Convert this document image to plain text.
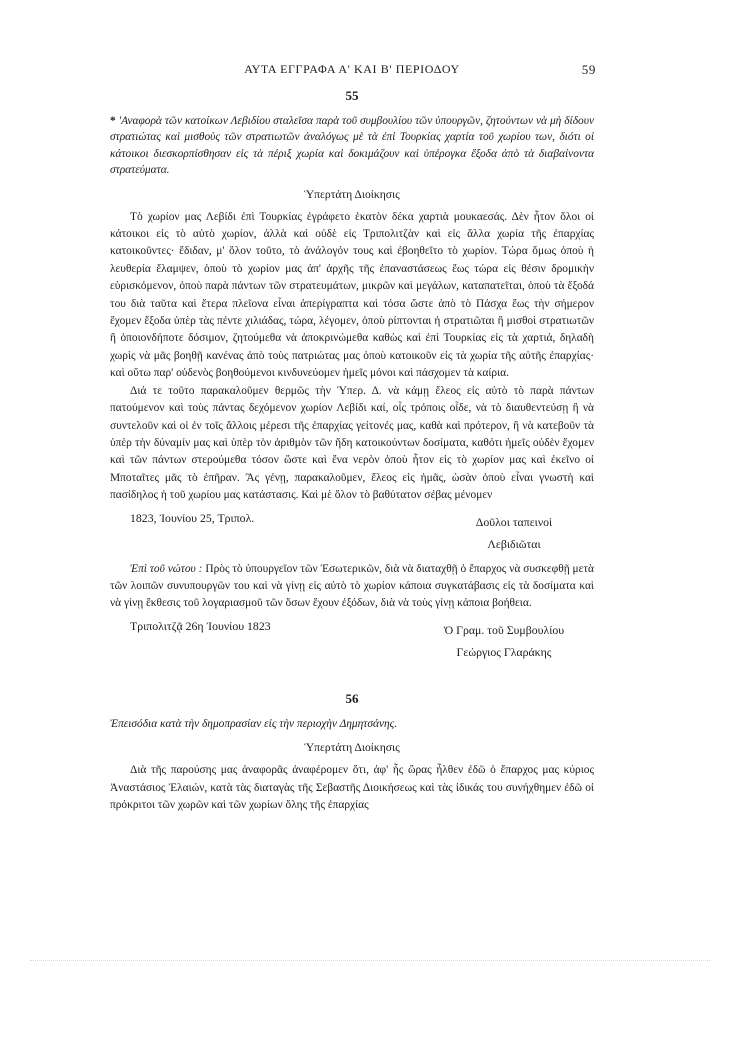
ΑΥΤΑ ΕΓΓΡΑΦΑ Α' ΚΑΙ Β' ΠΕΡΙΟΔΟΥ	59
55

* 'Αναφορὰ τῶν κατοίκων Λεβιδίου σταλεῖσα παρὰ τοῦ συμβουλίου τῶν ὑπουργῶν, ζητούντων νὰ μὴ δίδουν στρατιώτας καὶ μισθοὺς τῶν στρατιωτῶν ἀναλόγως μὲ τὰ ἐπὶ Τουρκίας χαρτία τοῦ χωρίου των, διότι οἱ κάτοικοι διεσκορπίσθησαν εἰς τὰ πέριξ χωρία καὶ δοκιμάζουν καὶ ὑπέρογκα ἔξοδα ἀπὸ τὰ διαβαίνοντα στρατεύματα.

Ὑπερτάτη Διοίκησις

Τὸ χωρίον μας Λεβίδι ἐπὶ Τουρκίας ἐγράφετο ἑκατὸν δέκα χαρτιὰ μουκαεσάς. Δὲν ἦτον ὅλοι οἱ κάτοικοι εἰς τὸ αὐτὸ χωρίον, ἀλλὰ καὶ οὐδὲ εἰς Τριπολιτζὰν καὶ εἰς ἄλλα χωρία τῆς ἐπαρχίας κατοικοῦντες· ἔδιδαν, μ' ὅλον τοῦτο, τὸ ἀνάλογόν τους καὶ ἐβοηθεῖτο τὸ χωρίον. Τώρα ὅμως ὁποὺ ἡ λευθερία ἔλαμψεν, ὁποὺ τὸ χωρίον μας ἀπ' ἀρχῆς τῆς ἐπαναστάσεως ἕως τώρα εἰς θέσιν δρομικὴν εὑρισκόμενον, ὁποὺ παρὰ πάντων τῶν στρατευμάτων, μικρῶν καὶ μεγάλων, καταπατεῖται, ὁποὺ τὰ ἔξοδά του διὰ ταῦτα καὶ ἕτερα πλεῖονα εἶναι ἀπερίγραπτα καὶ τόσα ὥστε ἀπὸ τὸ Πάσχα ἕως τὴν σήμερον ἔχομεν ἔξοδα ὑπὲρ τὰς πέντε χιλιάδας, τώρα, λέγομεν, ὁποὺ ρίπτονται ἡ στρατιῶται ἢ μισθοὶ στρατιωτῶν ἢ ὁποιονδήποτε δόσιμον, ζητούμεθα νὰ ἀποκρινώμεθα καθὼς καὶ ἐπὶ Τουρκίας εἰς τὰ χαρτιά, δηλαδὴ χωρὶς νὰ μᾶς βοηθῇ κανένας ἀπὸ τοὺς πατριώτας μας ὁποὺ κατοικοῦν εἰς τὰ χωρία τῆς αὐτῆς ἐπαρχίας· καὶ οὕτω παρ' οὐδενὸς βοηθούμενοι κινδυνεύομεν ἡμεῖς μόνοι καὶ πάσχομεν τὰ καίρια.

Διά τε τοῦτο παρακαλοῦμεν θερμῶς τὴν Ὑπερ. Δ. νὰ κάμῃ ἔλεος εἰς αὐτὸ τὸ παρὰ πάντων πατούμενον καὶ τοὺς πάντας δεχόμενον χωρίον Λεβίδι καί, οἷς τρόποις οἶδε, νὰ τὸ διαυθεντεύσῃ ἢ νὰ συντελοῦν καὶ οἱ ἐν τοῖς ἄλλοις μέρεσι τῆς ἐπαρχίας γείτονές μας, καθὰ καὶ πρότερον, ἢ νὰ κατεβοῦν τὰ ὑπὲρ τὴν δύναμίν μας καὶ ὑπὲρ τὸν ἀριθμὸν τῶν ἤδη κατοικούντων δοσίματα, καθότι ἡμεῖς οὐδὲν ἔχομεν καὶ τῶν πάντων στερούμεθα τόσον ὥστε καὶ ἕνα νερὸν ὁποὺ ἦτον εἰς τὸ χωρίον μας καὶ ἐκεῖνο οἱ Μποταῖτες μᾶς τὸ ἐπῆραν. Ἂς γένῃ, παρακαλοῦμεν, ἔλεος εἰς ἡμᾶς, ὡσὰν ὁποὺ εἶναι γνωστὴ καὶ πασίδηλος ἡ τοῦ χωρίου μας κατάστασις. Καὶ μὲ ὅλον τὸ βαθύτατον σέβας μένομεν

1823, Ἰουνίου 25, Τριπολ.	Δοῦλοι ταπεινοὶ
Λεβιδιῶται

Ἐπὶ τοῦ νώτου : Πρὸς τὸ ὑπουργεῖον τῶν Ἐσωτερικῶν, διὰ νὰ διαταχθῇ ὁ ἔπαρχος νὰ συσκεφθῇ μετὰ τῶν λοιπῶν συνυπουργῶν του καὶ νὰ γίνῃ εἰς αὐτὸ τὸ χωρίον κάποια συγκατάβασις εἰς τὰ δοσίματα καὶ νὰ γίνῃ ἔκθεσις τοῦ λογαριασμοῦ τῶν ὅσων ἔχουν ἐξόδων, διὰ νὰ τοὺς γίνῃ κάποια βοήθεια.

Τριπολιτζᾷ 26η Ἰουνίου 1823	Ὁ Γραμ. τοῦ Συμβουλίου
Γεώργιος Γλαράκης
56

Ἐπεισόδια κατὰ τὴν δημοπρασίαν εἰς τὴν περιοχὴν Δημητσάνης.

Ὑπερτάτη Διοίκησις

Διὰ τῆς παρούσης μας ἀναφορᾶς ἀναφέρομεν ὅτι, ἀφ' ἧς ὥρας ἦλθεν ἐδῶ ὁ ἔπαρχος μας κύριος Ἀναστάσιος Ἐλαιών, κατὰ τὰς διαταγὰς τῆς Σεβαστῆς Διοικήσεως καὶ τὰς ἰδικάς του συνήχθημεν ἐδῶ οἱ πρόκριτοι τῶν χωρῶν καὶ τῶν χωρίων ὅλης τῆς ἐπαρχίας
